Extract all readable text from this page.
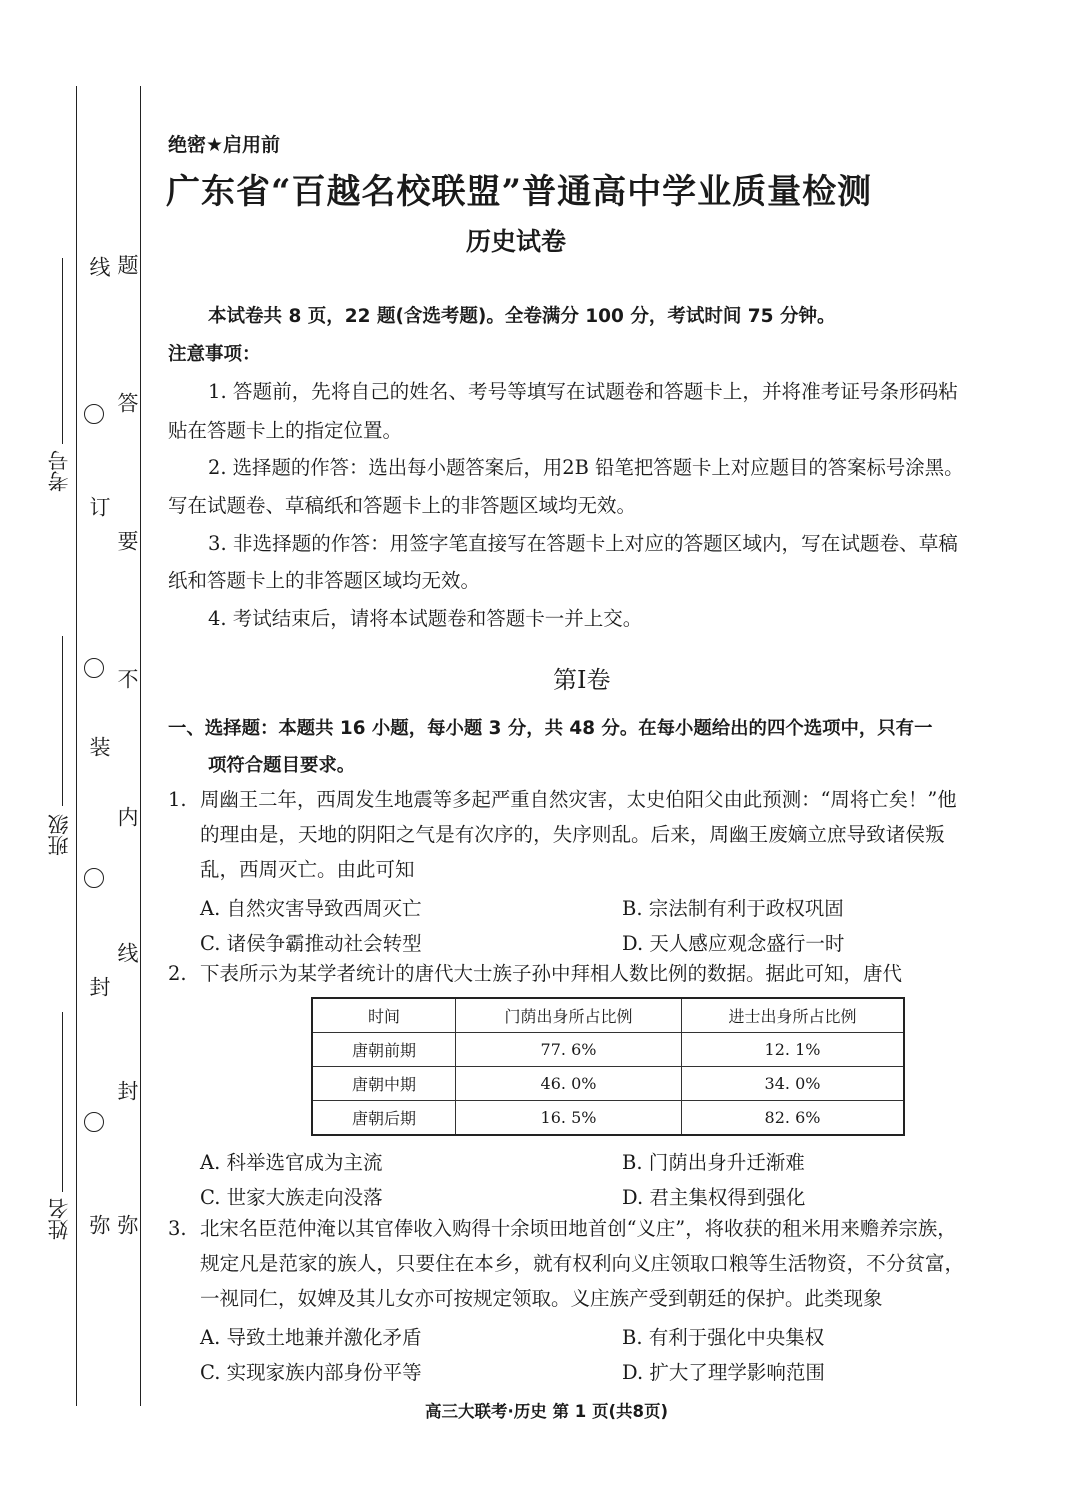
考号
班级
姓名
线
订
装
封
弥
题
答
要
不
内
线
封
弥
绝密★启用前
广东省“百越名校联盟”普通高中学业质量检测
历史试卷
本试卷共 8 页，22 题(含选考题)。全卷满分 100 分，考试时间 75 分钟。
注意事项：
1. 答题前，先将自己的姓名、考号等填写在试题卷和答题卡上，并将准考证号条形码粘
贴在答题卡上的指定位置。
2. 选择题的作答：选出每小题答案后，用2B 铅笔把答题卡上对应题目的答案标号涂黑。
写在试题卷、草稿纸和答题卡上的非答题区域均无效。
3. 非选择题的作答：用签字笔直接写在答题卡上对应的答题区域内，写在试题卷、草稿
纸和答题卡上的非答题区域均无效。
4. 考试结束后，请将本试题卷和答题卡一并上交。
第Ⅰ卷
一、选择题：本题共 16 小题，每小题 3 分，共 48 分。在每小题给出的四个选项中，只有一
项符合题目要求。
1. 周幽王二年，西周发生地震等多起严重自然灾害，太史伯阳父由此预测：“周将亡矣！”他
的理由是，天地的阴阳之气是有次序的，失序则乱。后来，周幽王废嫡立庶导致诸侯叛
乱，西周灭亡。由此可知
A. 自然灾害导致西周灭亡	B. 宗法制有利于政权巩固
C. 诸侯争霸推动社会转型	D. 天人感应观念盛行一时
2. 下表所示为某学者统计的唐代大士族子孙中拜相人数比例的数据。据此可知，唐代
时间	门荫出身所占比例	进士出身所占比例
唐朝前期	77. 6%	12. 1%
唐朝中期	46. 0%	34. 0%
唐朝后期	16. 5%	82. 6%
A. 科举选官成为主流	B. 门荫出身升迁渐难
C. 世家大族走向没落	D. 君主集权得到强化
3. 北宋名臣范仲淹以其官俸收入购得十余顷田地首创“义庄”，将收获的租米用来赡养宗族，
规定凡是范家的族人，只要住在本乡，就有权利向义庄领取口粮等生活物资，不分贫富，
一视同仁，奴婢及其儿女亦可按规定领取。义庄族产受到朝廷的保护。此类现象
A. 导致土地兼并激化矛盾	B. 有利于强化中央集权
C. 实现家族内部身份平等	D. 扩大了理学影响范围
高三大联考·历史 第 1 页(共8页)
